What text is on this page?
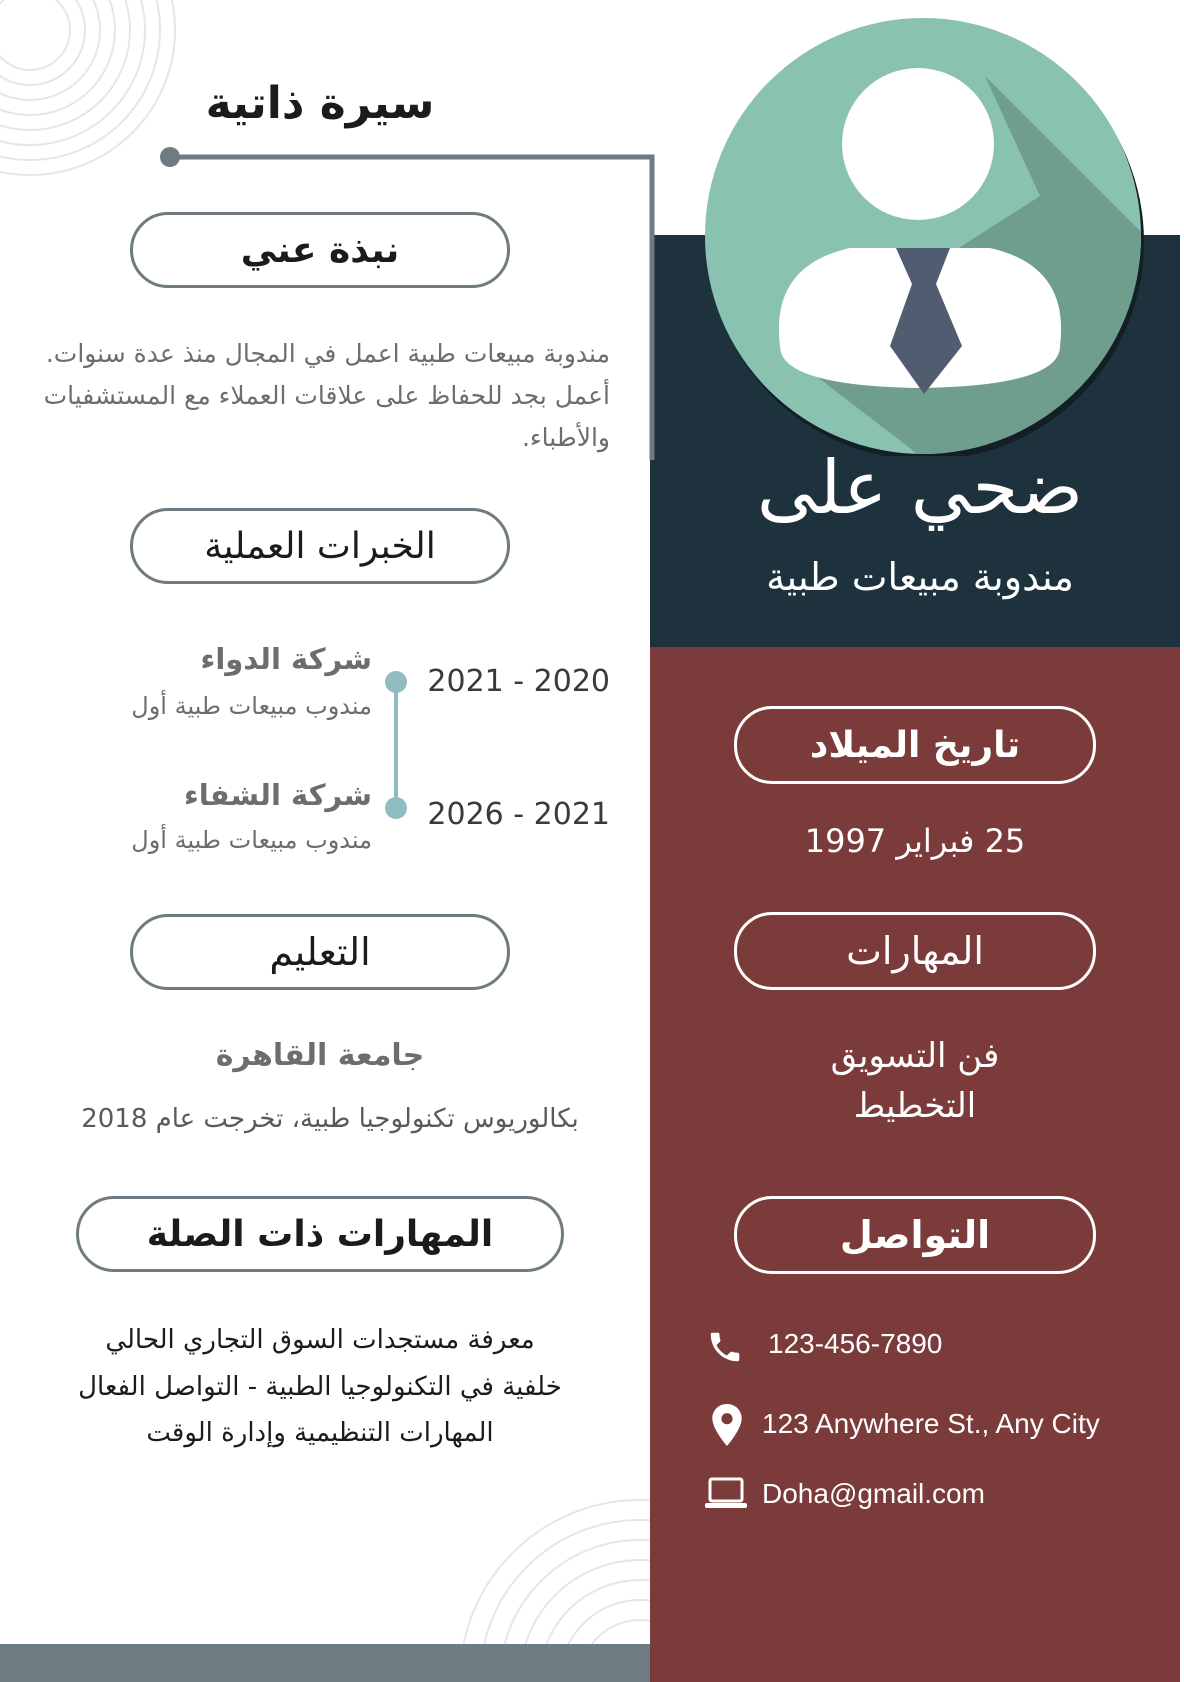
سيرة ذاتية
ضحي على
مندوبة مبيعات طبية
نبذة عني
مندوبة مبيعات طبية اعمل في المجال منذ عدة سنوات. أعمل بجد للحفاظ على علاقات العملاء مع المستشفيات والأطباء.
الخبرات العملية
شركة الدواء
مندوب مبيعات طبية أول
2021 - 2020
شركة الشفاء
مندوب مبيعات طبية أول
2026 - 2021
التعليم
جامعة القاهرة
بكالوريوس تكنولوجيا طبية، تخرجت عام 2018
المهارات ذات الصلة
معرفة مستجدات السوق التجاري الحالي
خلفية في التكنولوجيا الطبية - التواصل الفعال
المهارات التنظيمية وإدارة الوقت
تاريخ الميلاد
25 فبراير 1997
المهارات
فن التسويق
التخطيط
التواصل
123-456-7890
123 Anywhere St., Any City
Doha@gmail.com
